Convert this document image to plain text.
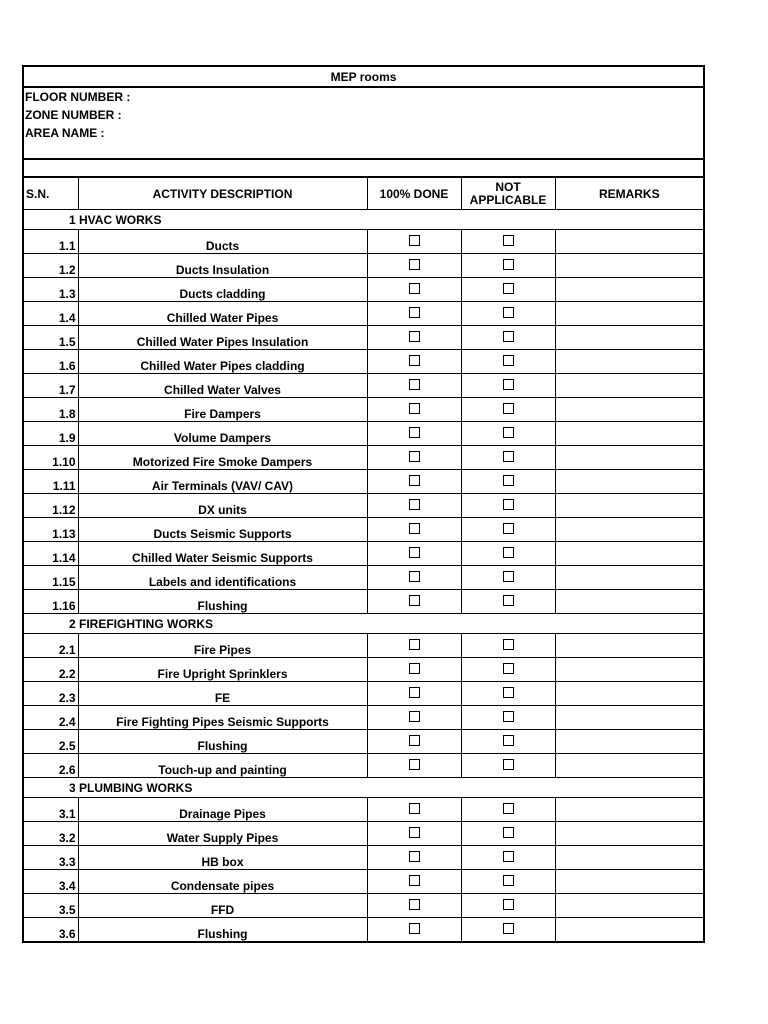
MEP rooms				

FLOOR NUMBER :
ZONE NUMBER :
AREA NAME :				

S.N.	ACTIVITY DESCRIPTION	100% DONE	NOT APPLICABLE	REMARKS
1 HVAC WORKS				
1.1	Ducts			
1.2	Ducts Insulation			
1.3	Ducts cladding			
1.4	Chilled Water Pipes			
1.5	Chilled Water Pipes Insulation			
1.6	Chilled Water Pipes cladding			
1.7	Chilled Water Valves			
1.8	Fire Dampers			
1.9	Volume Dampers			
1.10	Motorized Fire Smoke Dampers			
1.11	Air Terminals (VAV/ CAV)			
1.12	DX units			
1.13	Ducts Seismic Supports			
1.14	Chilled Water Seismic Supports			
1.15	Labels and identifications			
1.16	Flushing			
2 FIREFIGHTING WORKS				
2.1	Fire Pipes			
2.2	Fire Upright Sprinklers			
2.3	FE			
2.4	Fire Fighting Pipes Seismic Supports			
2.5	Flushing			
2.6	Touch-up and painting			
3 PLUMBING WORKS				
3.1	Drainage Pipes			
3.2	Water Supply Pipes			
3.3	HB box			
3.4	Condensate pipes			
3.5	FFD			
3.6	Flushing			
